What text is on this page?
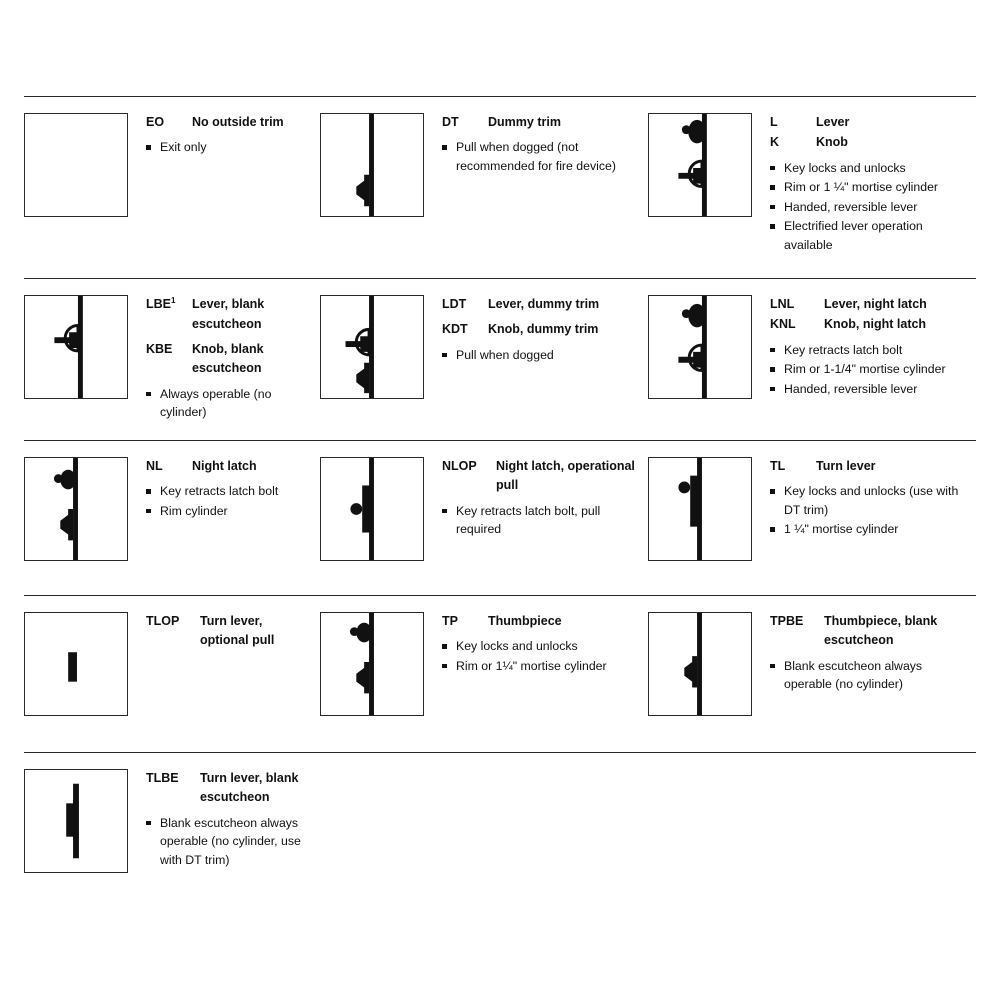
EO	No outside trim
Exit only
DT	Dummy trim
Pull when dogged (not recommended for fire device)
L	Lever
K	Knob
Key locks and unlocks
Rim or 1 ¼" mortise cylinder
Handed, reversible lever
Electrified lever operation available
LBE$^1$	Lever, blank escutcheon
KBE	Knob, blank escutcheon
Always operable (no cylinder)
LDT	Lever, dummy trim
KDT	Knob, dummy trim
Pull when dogged
LNL	Lever, night latch
KNL	Knob, night latch
Key retracts latch bolt
Rim or 1-1/4" mortise cylinder
Handed, reversible lever
NL	Night latch
Key retracts latch bolt
Rim cylinder
NLOP	Night latch, operational pull
Key retracts latch bolt, pull required
TL	Turn lever
Key locks and unlocks (use with DT trim)
1 ¼" mortise cylinder
TLOP	Turn lever, optional pull
TP	Thumbpiece
Key locks and unlocks
Rim or 1¼" mortise cylinder
TPBE	Thumbpiece, blank escutcheon
Blank escutcheon always operable (no cylinder)
TLBE	Turn lever, blank escutcheon
Blank escutcheon always operable (no cylinder, use with DT trim)
